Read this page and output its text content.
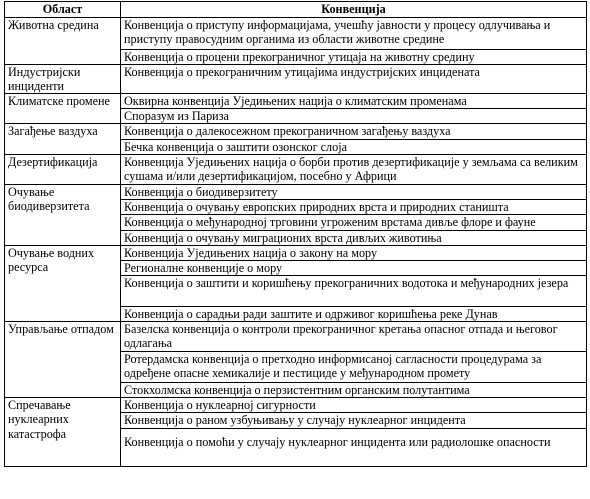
Област	Конвенција
Животна средина	Конвенција о приступу информацијама, учешћу јавности у процесу одлучивања и приступу правосудним органима из области животне средине
	Конвенција о процени прекограничног утицаја на животну средину
Индустријски инциденти	Конвенција о прекограничним утицајима индустријских инцидената
Климатске промене	Оквирна конвенција Уједињених нација о климатским променама
	Споразум из Париза
Загађење ваздуха	Конвенција о далекосежном прекограничном загађењу ваздуха
	Бечка конвенција о заштити озонског слоја
Дезертификација	Конвенција Уједињених нација о борби против дезертификације у земљама са великим сушама и/или дезертификацијом, посебно у Африци
Очување биодиверзитета	Конвенција о биодиверзитету
	Конвенција о очувању европских природних врста и природних станишта
	Конвенција о међународној трговини угроженим врстама дивље флоре и фауне
	Конвенција о очувању миграционих врста дивљих животиња
Очување водних ресурса	Конвенција Уједињених нација о закону на мору
	Регионалне конвенције о мору
	Конвенција о заштити и коришћењу прекограничних водотока и међународних језера
	Конвенција о сарадњи ради заштите и одрживог коришћења реке Дунав
Управљање отпадом	Базелска конвенција о контроли прекограничног кретања опасног отпада и његовог одлагања
	Ротердамска конвенција о претходно информисаној сагласности процедурама за одређене опасне хемикалије и пестициде у међународном промету
	Стокхолмска конвенција о перзистентним органским полутантима
Спречавање нуклеарних катастрофа	Конвенција о нуклеарној сигурности
	Конвенција о раном узбуњивању у случају нуклеарног инцидента
	Конвенција о помоћи у случају нуклеарног инцидента или радиолошке опасности
